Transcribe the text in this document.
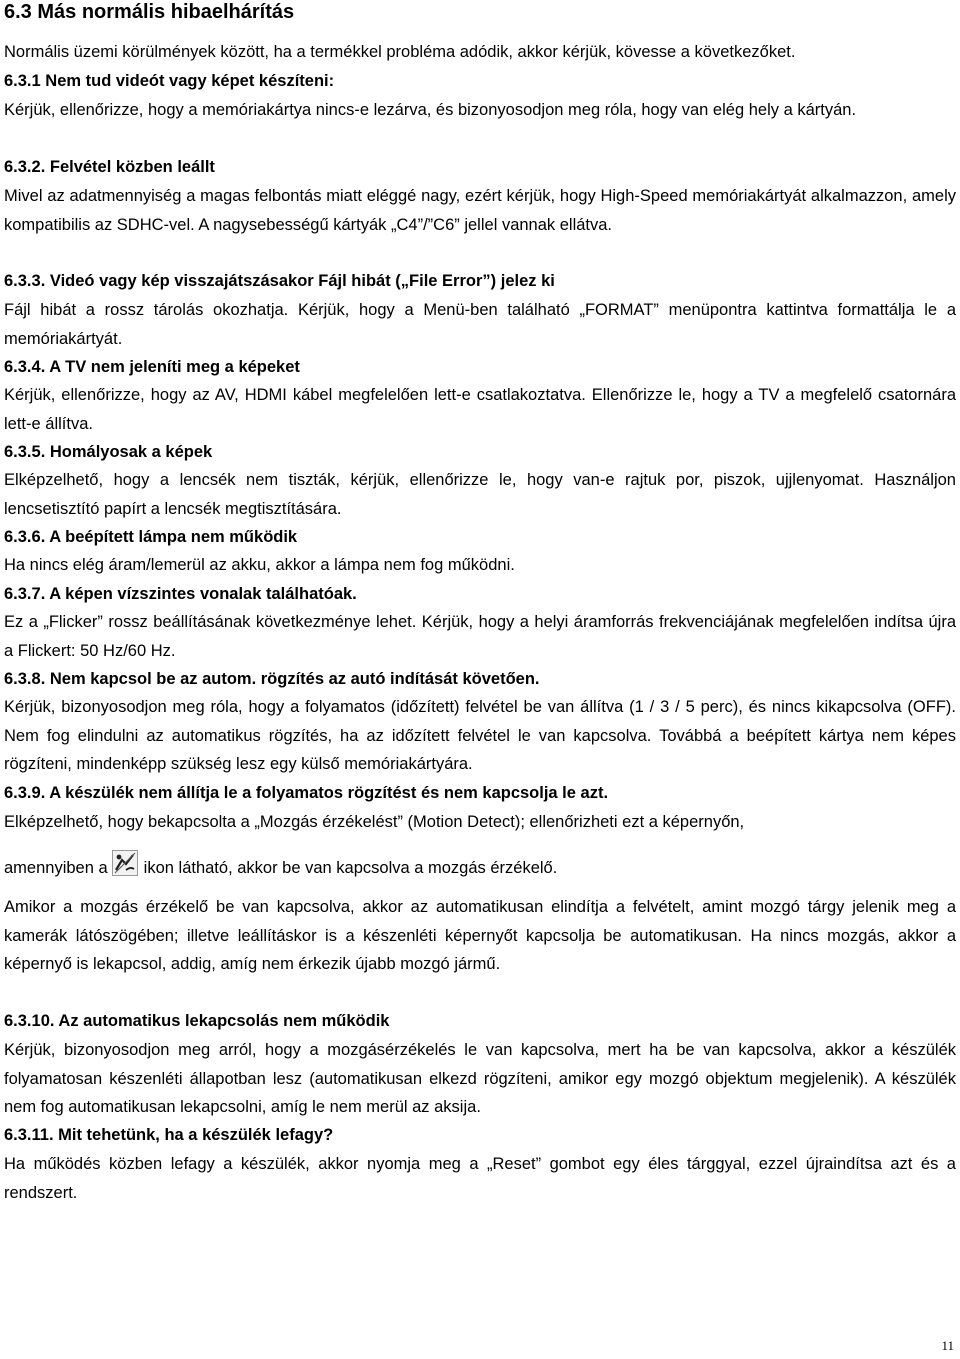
6.3 Más normális hibaelhárítás
Normális üzemi körülmények között, ha a termékkel probléma adódik, akkor kérjük, kövesse a következőket.
6.3.1 Nem tud videót vagy képet készíteni:
Kérjük, ellenőrizze, hogy a memóriakártya nincs-e lezárva, és bizonyosodjon meg róla, hogy van elég hely a kártyán.
6.3.2. Felvétel közben leállt
Mivel az adatmennyiség a magas felbontás miatt eléggé nagy, ezért kérjük, hogy High-Speed memóriakártyát alkalmazzon, amely kompatibilis az SDHC-vel. A nagysebességű kártyák „C4”/”C6” jellel vannak ellátva.
6.3.3. Videó vagy kép visszajátszásakor Fájl hibát („File Error”) jelez ki
Fájl hibát a rossz tárolás okozhatja. Kérjük, hogy a Menü-ben található „FORMAT” menüpontra kattintva formattálja le a memóriakártyát.
6.3.4. A TV nem jeleníti meg a képeket
Kérjük, ellenőrizze, hogy az AV, HDMI kábel megfelelően lett-e csatlakoztatva. Ellenőrizze le, hogy a TV a megfelelő csatornára lett-e állítva.
6.3.5. Homályosak a képek
Elképzelhető, hogy a lencsék nem tiszták, kérjük, ellenőrizze le, hogy van-e rajtuk por, piszok, ujjlenyomat. Használjon lencsetisztító papírt a lencsék megtisztítására.
6.3.6. A beépített lámpa nem működik
Ha nincs elég áram/lemerül az akku, akkor a lámpa nem fog működni.
6.3.7. A képen vízszintes vonalak találhatóak.
Ez a „Flicker” rossz beállításának következménye lehet. Kérjük, hogy a helyi áramforrás frekvenciájának megfelelően indítsa újra a Flickert: 50 Hz/60 Hz.
6.3.8. Nem kapcsol be az autom. rögzítés az autó indítását követően.
Kérjük, bizonyosodjon meg róla, hogy a folyamatos (időzített) felvétel be van állítva (1 / 3 / 5 perc), és nincs kikapcsolva (OFF). Nem fog elindulni az automatikus rögzítés, ha az időzített felvétel le van kapcsolva. Továbbá a beépített kártya nem képes rögzíteni, mindenképp szükség lesz egy külső memóriakártyára.
6.3.9. A készülék nem állítja le a folyamatos rögzítést és nem kapcsolja le azt.
Elképzelhető, hogy bekapcsolta a „Mozgás érzékelést” (Motion Detect); ellenőrizheti ezt a képernyőn,
amennyiben a ikon látható, akkor be van kapcsolva a mozgás érzékelő.
Amikor a mozgás érzékelő be van kapcsolva, akkor az automatikusan elindítja a felvételt, amint mozgó tárgy jelenik meg a kamerák látószögében; illetve leállításkor is a készenléti képernyőt kapcsolja be automatikusan. Ha nincs mozgás, akkor a képernyő is lekapcsol, addig, amíg nem érkezik újabb mozgó jármű.
6.3.10. Az automatikus lekapcsolás nem működik
Kérjük, bizonyosodjon meg arról, hogy a mozgásérzékelés le van kapcsolva, mert ha be van kapcsolva, akkor a készülék folyamatosan készenléti állapotban lesz (automatikusan elkezd rögzíteni, amikor egy mozgó objektum megjelenik). A készülék nem fog automatikusan lekapcsolni, amíg le nem merül az aksija.
6.3.11. Mit tehetünk, ha a készülék lefagy?
Ha működés közben lefagy a készülék, akkor nyomja meg a „Reset” gombot egy éles tárggyal, ezzel újraindítsa azt és a rendszert.
11
